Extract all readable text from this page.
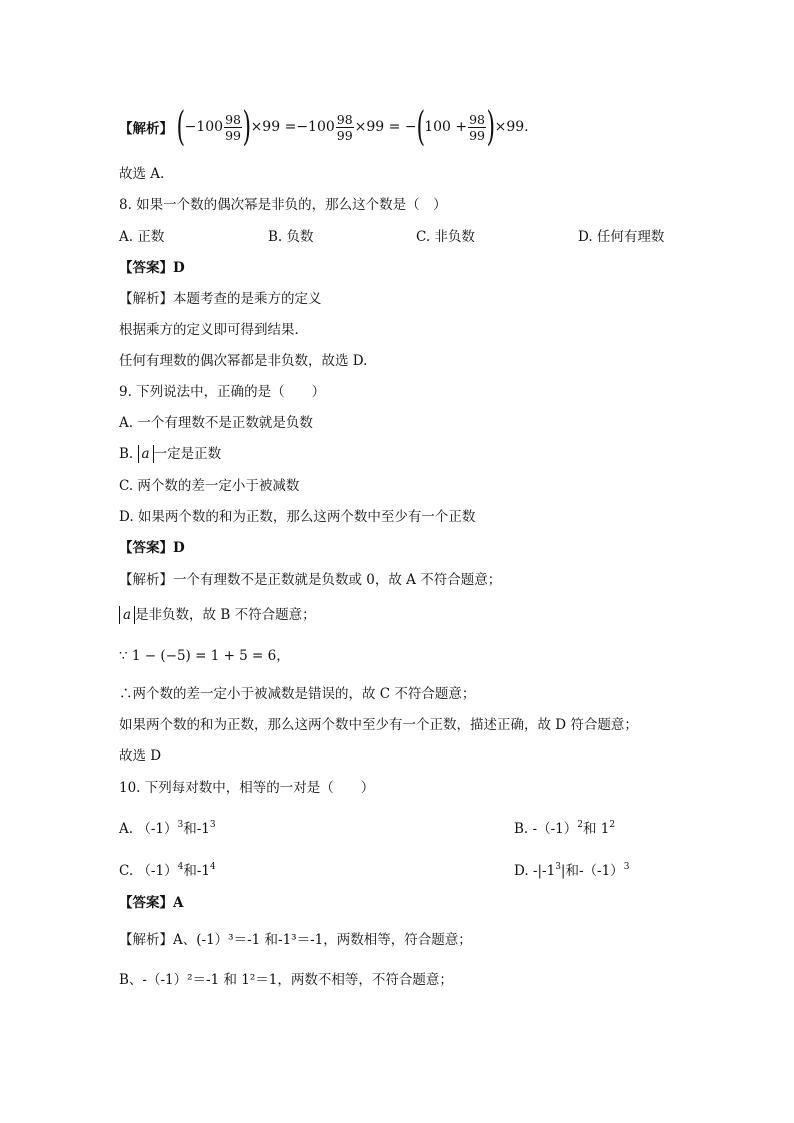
【解析】 ( $-100 \frac{98}{99}$ ) $\times 99 = -100 \frac{98}{99} \times 99$ = − ( $100 + \frac{98}{99}$ ) ×99.
故选 A.
8. 如果一个数的偶次幂是非负的，那么这个数是（　）
A. 正数	B. 负数	C. 非负数	D. 任何有理数
【答案】D
【解析】本题考查的是乘方的定义
根据乘方的定义即可得到结果．
任何有理数的偶次幂都是非负数，故选 D.
9. 下列说法中，正确的是（　　）
A. 一个有理数不是正数就是负数
B. a 一定是正数
C. 两个数的差一定小于被减数
D. 如果两个数的和为正数，那么这两个数中至少有一个正数
【答案】D
【解析】一个有理数不是正数就是负数或 0，故 A 不符合题意；
a 是非负数，故 B 不符合题意；
∵ 1 − (−5) = 1 + 5 = 6，
∴两个数的差一定小于被减数是错误的，故 C 不符合题意；
如果两个数的和为正数，那么这两个数中至少有一个正数，描述正确，故 D 符合题意；
故选 D
10. 下列每对数中，相等的一对是（　　）
A. $(-1)^3$和$-1^3$	B. $-(-1)^2$和 $1^2$
C. $(-1)^4$和$-1^4$	D. $-|-1^3|$和$-(-1)^3$
【答案】A
【解析】A、(-1）³＝-1 和-1³＝-1，两数相等，符合题意；
B、-（-1）²＝-1 和 1²＝1，两数不相等，不符合题意；
